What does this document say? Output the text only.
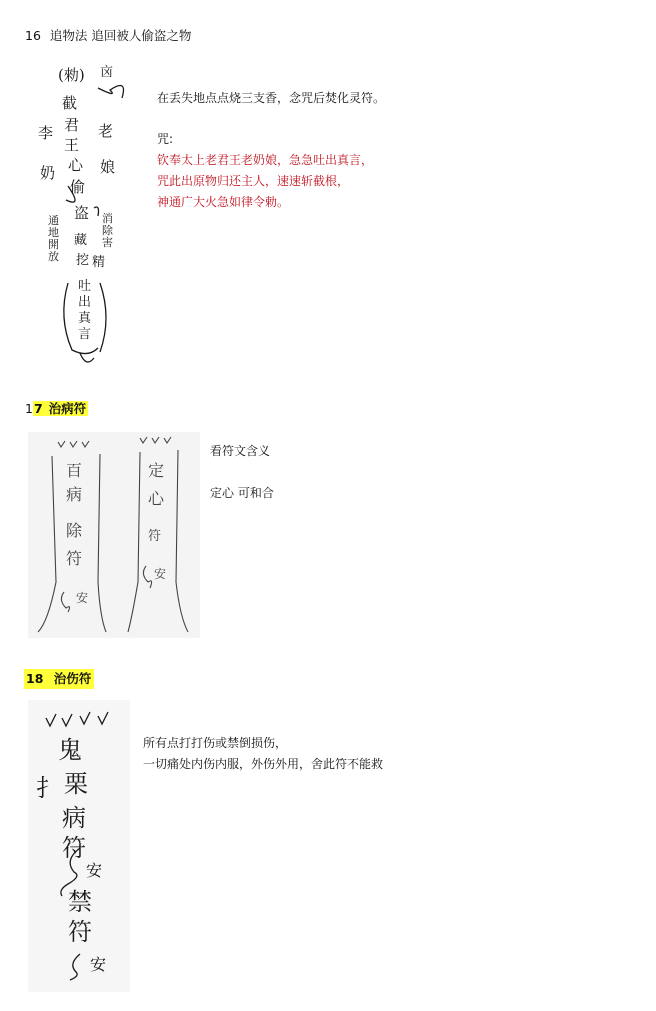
16 追物法 追回被人偷盗之物
(勑) 㐫
截
君
王
李	老
奶 心 娘
偷
盗
通
地
開
放
消
除
害
藏
挖 精
吐
出
真
言
在丢失地点点烧三支香，念咒后焚化灵符。
咒:
钦奉太上老君王老奶娘，急急吐出真言，
咒此出原物归还主人，速速斩截根，
神通广大火急如律令勅。
17 治病符
百
病
除
符
安
定
心
符
安
看符文含义
定心 可和合
18 治伤符
鬼
扌 栗
病
符
安
禁
符
安
所有点打打伤或禁倒损伤，
一切痛处内伤内服，外伤外用，舍此符不能救
